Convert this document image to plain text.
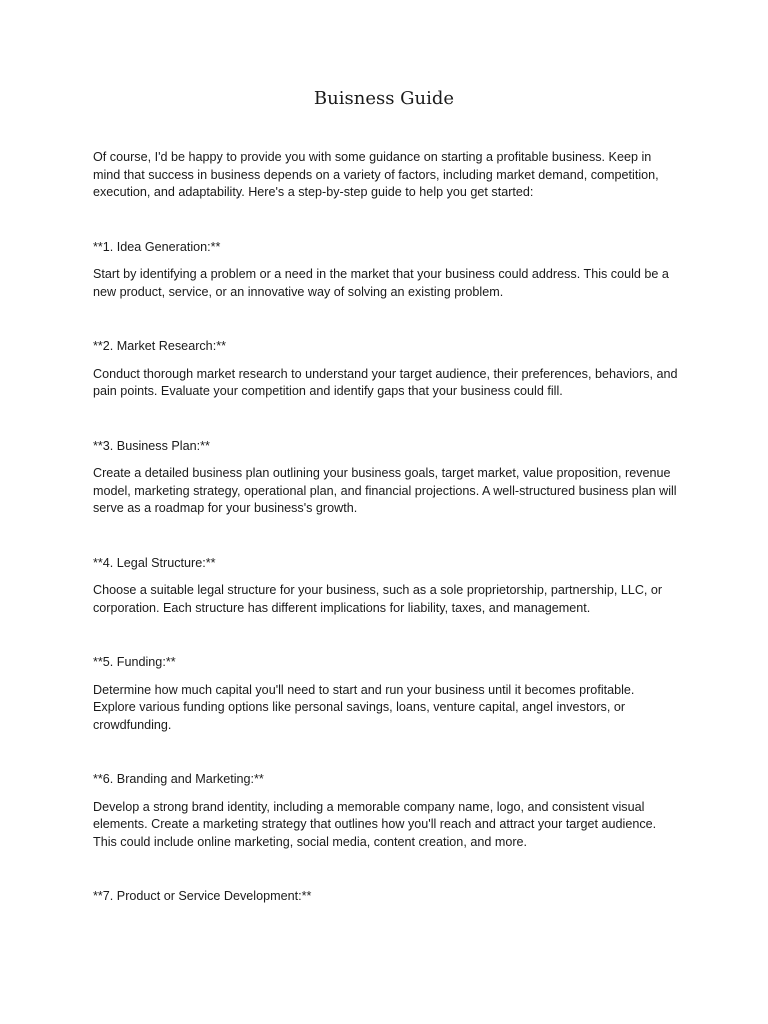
Buisness Guide

Of course, I'd be happy to provide you with some guidance on starting a profitable business. Keep in mind that success in business depends on a variety of factors, including market demand, competition, execution, and adaptability. Here's a step-by-step guide to help you get started:

**1. Idea Generation:**

Start by identifying a problem or a need in the market that your business could address. This could be a new product, service, or an innovative way of solving an existing problem.

**2. Market Research:**

Conduct thorough market research to understand your target audience, their preferences, behaviors, and pain points. Evaluate your competition and identify gaps that your business could fill.

**3. Business Plan:**

Create a detailed business plan outlining your business goals, target market, value proposition, revenue model, marketing strategy, operational plan, and financial projections. A well-structured business plan will serve as a roadmap for your business's growth.

**4. Legal Structure:**

Choose a suitable legal structure for your business, such as a sole proprietorship, partnership, LLC, or corporation. Each structure has different implications for liability, taxes, and management.

**5. Funding:**

Determine how much capital you'll need to start and run your business until it becomes profitable. Explore various funding options like personal savings, loans, venture capital, angel investors, or crowdfunding.

**6. Branding and Marketing:**

Develop a strong brand identity, including a memorable company name, logo, and consistent visual elements. Create a marketing strategy that outlines how you'll reach and attract your target audience. This could include online marketing, social media, content creation, and more.

**7. Product or Service Development:**
